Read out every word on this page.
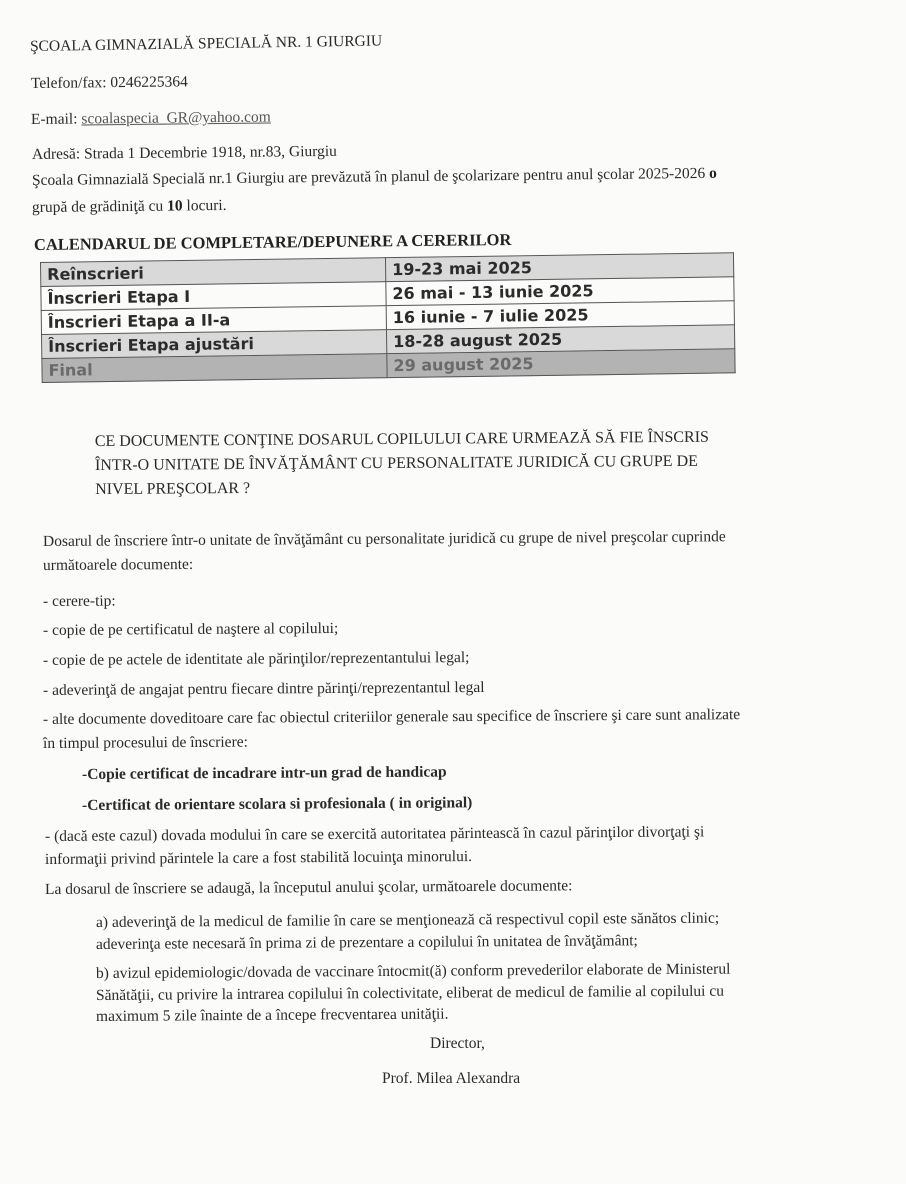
ŞCOALA GIMNAZIALĂ SPECIALĂ NR. 1 GIURGIU
Telefon/fax: 0246225364
E-mail: scoalaspecia_GR@yahoo.com
Adresă: Strada 1 Decembrie 1918, nr.83, Giurgiu
Şcoala Gimnazială Specială nr.1 Giurgiu are prevăzută în planul de şcolarizare pentru anul şcolar 2025-2026 o
grupă de grădiniţă cu 10 locuri.
CALENDARUL DE COMPLETARE/DEPUNERE A CERERILOR
Reînscrieri	19-23 mai 2025
Înscrieri Etapa I	26 mai - 13 iunie 2025
Înscrieri Etapa a II-a	16 iunie - 7 iulie 2025
Înscrieri Etapa ajustări	18-28 august 2025
Final	29 august 2025
CE DOCUMENTE CONŢINE DOSARUL COPILULUI CARE URMEAZĂ SĂ FIE ÎNSCRIS
ÎNTR-O UNITATE DE ÎNVĂŢĂMÂNT CU PERSONALITATE JURIDICĂ CU GRUPE DE
NIVEL PREŞCOLAR ?
Dosarul de înscriere într-o unitate de învăţământ cu personalitate juridică cu grupe de nivel preşcolar cuprinde
următoarele documente:
- cerere-tip:
- copie de pe certificatul de naştere al copilului;
- copie de pe actele de identitate ale părinţilor/reprezentantului legal;
- adeverinţă de angajat pentru fiecare dintre părinţi/reprezentantul legal
- alte documente doveditoare care fac obiectul criteriilor generale sau specifice de înscriere şi care sunt analizate
în timpul procesului de înscriere:
-Copie certificat de incadrare intr-un grad de handicap
-Certificat de orientare scolara si profesionala ( in original)
- (dacă este cazul) dovada modului în care se exercită autoritatea părintească în cazul părinţilor divorţaţi şi
informaţii privind părintele la care a fost stabilită locuinţa minorului.
La dosarul de înscriere se adaugă, la începutul anului şcolar, următoarele documente:
a) adeverinţă de la medicul de familie în care se menţionează că respectivul copil este sănătos clinic;
adeverinţa este necesară în prima zi de prezentare a copilului în unitatea de învăţământ;
b) avizul epidemiologic/dovada de vaccinare întocmit(ă) conform prevederilor elaborate de Ministerul
Sănătăţii, cu privire la intrarea copilului în colectivitate, eliberat de medicul de familie al copilului cu
maximum 5 zile înainte de a începe frecventarea unităţii.
Director,
Prof. Milea Alexandra
